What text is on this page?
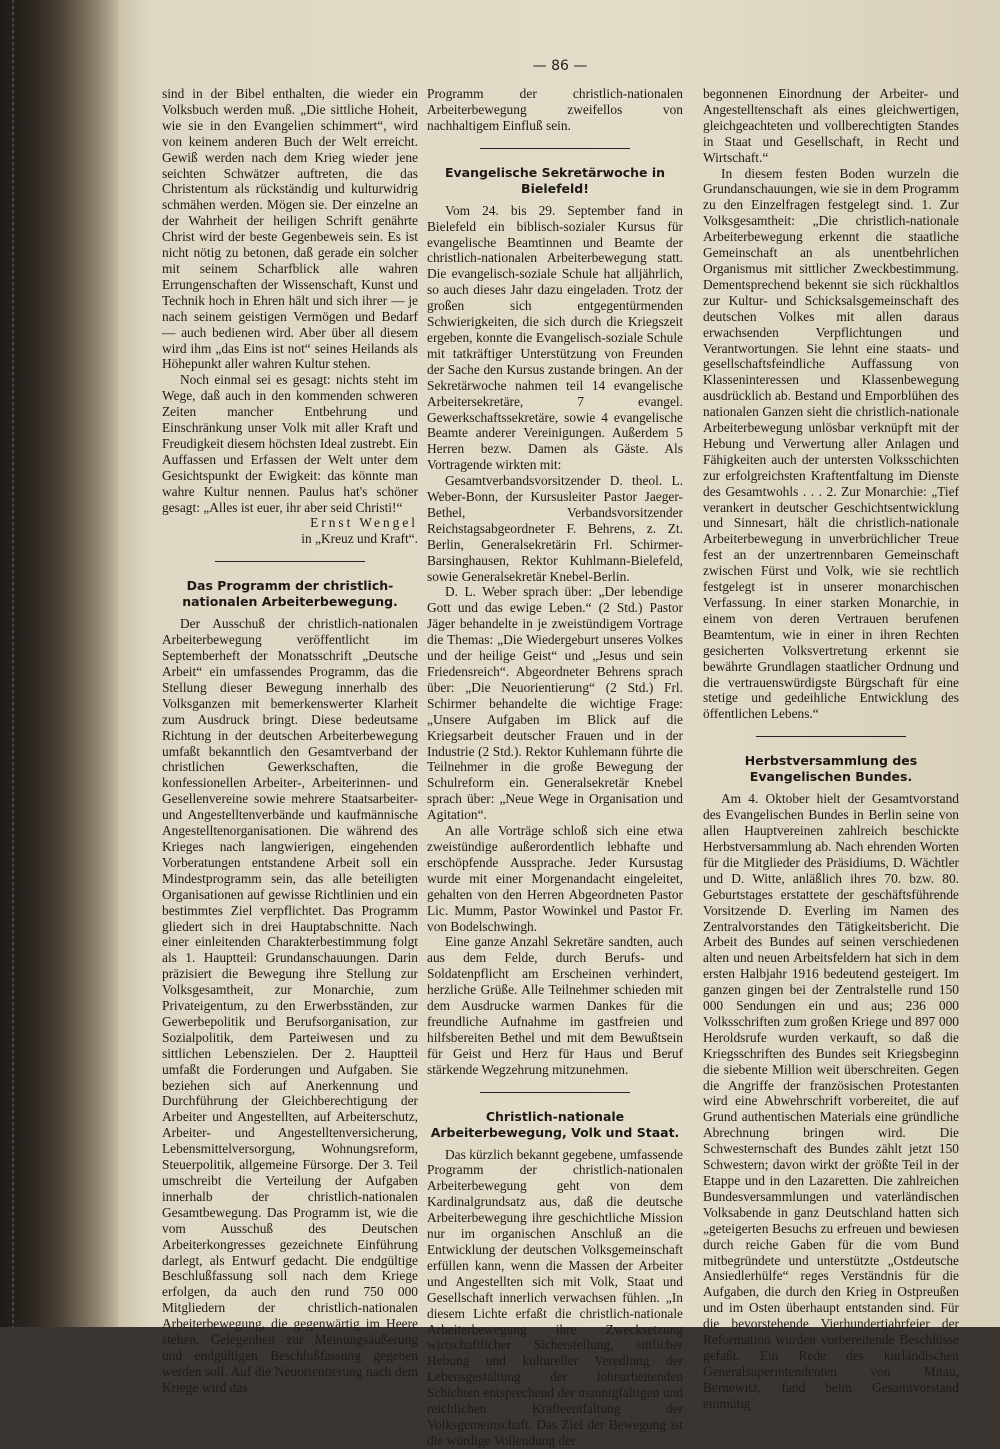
— 86 —

sind in der Bibel enthalten, die wieder ein Volksbuch werden muß. „Die sittliche Hoheit, wie sie in den Evangelien schimmert“, wird von keinem anderen Buch der Welt erreicht. Gewiß werden nach dem Krieg wieder jene seichten Schwätzer auftreten, die das Christentum als rückständig und kulturwidrig schmähen werden. Mögen sie. Der einzelne an der Wahrheit der heiligen Schrift genährte Christ wird der beste Gegenbeweis sein. Es ist nicht nötig zu betonen, daß gerade ein solcher mit seinem Scharfblick alle wahren Errungenschaften der Wissenschaft, Kunst und Technik hoch in Ehren hält und sich ihrer — je nach seinem geistigen Vermögen und Bedarf — auch bedienen wird. Aber über all diesem wird ihm „das Eins ist not“ seines Heilands als Höhepunkt aller wahren Kultur stehen.

Noch einmal sei es gesagt: nichts steht im Wege, daß auch in den kommenden schweren Zeiten mancher Entbehrung und Einschränkung unser Volk mit aller Kraft und Freudigkeit diesem höchsten Ideal zustrebt. Ein Auffassen und Erfassen der Welt unter dem Gesichtspunkt der Ewigkeit: das könnte man wahre Kultur nennen. Paulus hat's schöner gesagt: „Alles ist euer, ihr aber seid Christi!“

Ernst Wengel

in „Kreuz und Kraft“.

Das Programm der christlich-nationalen Arbeiterbewegung.

Der Ausschuß der christlich-nationalen Arbeiterbewegung veröffentlicht im Septemberheft der Monatsschrift „Deutsche Arbeit“ ein umfassendes Programm, das die Stellung dieser Bewegung innerhalb des Volksganzen mit bemerkenswerter Klarheit zum Ausdruck bringt. Diese bedeutsame Richtung in der deutschen Arbeiterbewegung umfaßt bekanntlich den Gesamtverband der christlichen Gewerkschaften, die konfessionellen Arbeiter-, Arbeiterinnen- und Gesellenvereine sowie mehrere Staatsarbeiter- und Angestelltenverbände und kaufmännische Angestelltenorganisationen. Die während des Krieges nach langwierigen, eingehenden Vorberatungen entstandene Arbeit soll ein Mindestprogramm sein, das alle beteiligten Organisationen auf gewisse Richtlinien und ein bestimmtes Ziel verpflichtet. Das Programm gliedert sich in drei Hauptabschnitte. Nach einer einleitenden Charakterbestimmung folgt als 1. Hauptteil: Grundanschauungen. Darin präzisiert die Bewegung ihre Stellung zur Volksgesamtheit, zur Monarchie, zum Privateigentum, zu den Erwerbsständen, zur Gewerbepolitik und Berufsorganisation, zur Sozialpolitik, dem Parteiwesen und zu sittlichen Lebenszielen. Der 2. Hauptteil umfaßt die Forderungen und Aufgaben. Sie beziehen sich auf Anerkennung und Durchführung der Gleichberechtigung der Arbeiter und Angestellten, auf Arbeiterschutz, Arbeiter- und Angestelltenversicherung, Lebensmittelversorgung, Wohnungsreform, Steuerpolitik, allgemeine Fürsorge. Der 3. Teil umschreibt die Verteilung der Aufgaben innerhalb der christlich-nationalen Gesamtbewegung. Das Programm ist, wie die vom Ausschuß des Deutschen Arbeiterkongresses gezeichnete Einführung darlegt, als Entwurf gedacht. Die endgültige Beschlußfassung soll nach dem Kriege erfolgen, da auch den rund 750 000 Mitgliedern der christlich-nationalen Arbeiterbewegung, die gegenwärtig im Heere stehen, Gelegenheit zur Meinungsäußerung und endgültigen Beschlußfassung gegeben werden soll. Auf die Neuorientierung nach dem Kriege wird das

Programm der christlich-nationalen Arbeiterbewegung zweifellos von nachhaltigem Einfluß sein.

Evangelische Sekretärwoche in Bielefeld!

Vom 24. bis 29. September fand in Bielefeld ein biblisch-sozialer Kursus für evangelische Beamtinnen und Beamte der christlich-nationalen Arbeiterbewegung statt. Die evangelisch-soziale Schule hat alljährlich, so auch dieses Jahr dazu eingeladen. Trotz der großen sich entgegentürmenden Schwierigkeiten, die sich durch die Kriegszeit ergeben, konnte die Evangelisch-soziale Schule mit tatkräftiger Unterstützung von Freunden der Sache den Kursus zustande bringen. An der Sekretärwoche nahmen teil 14 evangelische Arbeitersekretäre, 7 evangel. Gewerkschaftssekretäre, sowie 4 evangelische Beamte anderer Vereinigungen. Außerdem 5 Herren bezw. Damen als Gäste. Als Vortragende wirkten mit:

Gesamtverbandsvorsitzender D. theol. L. Weber-Bonn, der Kursusleiter Pastor Jaeger-Bethel, Verbandsvorsitzender Reichstagsabgeordneter F. Behrens, z. Zt. Berlin, Generalsekretärin Frl. Schirmer-Barsinghausen, Rektor Kuhlmann-Bielefeld, sowie Generalsekretär Knebel-Berlin.

D. L. Weber sprach über: „Der lebendige Gott und das ewige Leben.“ (2 Std.) Pastor Jäger behandelte in je zweistündigem Vortrage die Themas: „Die Wiedergeburt unseres Volkes und der heilige Geist“ und „Jesus und sein Friedensreich“. Abgeordneter Behrens sprach über: „Die Neuorientierung“ (2 Std.) Frl. Schirmer behandelte die wichtige Frage: „Unsere Aufgaben im Blick auf die Kriegsarbeit deutscher Frauen und in der Industrie (2 Std.). Rektor Kuhlemann führte die Teilnehmer in die große Bewegung der Schulreform ein. Generalsekretär Knebel sprach über: „Neue Wege in Organisation und Agitation“.

An alle Vorträge schloß sich eine etwa zweistündige außerordentlich lebhafte und erschöpfende Aussprache. Jeder Kursustag wurde mit einer Morgenandacht eingeleitet, gehalten von den Herren Abgeordneten Pastor Lic. Mumm, Pastor Wowinkel und Pastor Fr. von Bodelschwingh.

Eine ganze Anzahl Sekretäre sandten, auch aus dem Felde, durch Berufs- und Soldatenpflicht am Erscheinen verhindert, herzliche Grüße. Alle Teilnehmer schieden mit dem Ausdrucke warmen Dankes für die freundliche Aufnahme im gastfreien und hilfsbereiten Bethel und mit dem Bewußtsein für Geist und Herz für Haus und Beruf stärkende Wegzehrung mitzunehmen.

Christlich-nationale Arbeiterbewegung, Volk und Staat.

Das kürzlich bekannt gegebene, umfassende Programm der christlich-nationalen Arbeiterbewegung geht von dem Kardinalgrundsatz aus, daß die deutsche Arbeiterbewegung ihre geschichtliche Mission nur im organischen Anschluß an die Entwicklung der deutschen Volksgemeinschaft erfüllen kann, wenn die Massen der Arbeiter und Angestellten sich mit Volk, Staat und Gesellschaft innerlich verwachsen fühlen. „In diesem Lichte erfaßt die christlich-nationale Arbeiterbewegung ihre Zwecksetzung wirtschaftlicher Sicherstellung, sittlicher Hebung und kultureller Veredlung der Lebensgestaltung der lohnarbeitenden Schichten entsprechend der mannigfaltigen und reichlichen Kräfteentfaltung der Volksgemeinschaft. Das Ziel der Bewegung ist die würdige Vollendung der

begonnenen Einordnung der Arbeiter- und Angestelltenschaft als eines gleichwertigen, gleichgeachteten und vollberechtigten Standes in Staat und Gesellschaft, in Recht und Wirtschaft.“

In diesem festen Boden wurzeln die Grundanschauungen, wie sie in dem Programm zu den Einzelfragen festgelegt sind. 1. Zur Volksgesamtheit: „Die christlich-nationale Arbeiterbewegung erkennt die staatliche Gemeinschaft an als unentbehrlichen Organismus mit sittlicher Zweckbestimmung. Dementsprechend bekennt sie sich rückhaltlos zur Kultur- und Schicksalsgemeinschaft des deutschen Volkes mit allen daraus erwachsenden Verpflichtungen und Verantwortungen. Sie lehnt eine staats- und gesellschaftsfeindliche Auffassung von Klasseninteressen und Klassenbewegung ausdrücklich ab. Bestand und Emporblühen des nationalen Ganzen sieht die christlich-nationale Arbeiterbewegung unlösbar verknüpft mit der Hebung und Verwertung aller Anlagen und Fähigkeiten auch der untersten Volksschichten zur erfolgreichsten Kraftentfaltung im Dienste des Gesamtwohls . . . 2. Zur Monarchie: „Tief verankert in deutscher Geschichtsentwicklung und Sinnesart, hält die christlich-nationale Arbeiterbewegung in unverbrüchlicher Treue fest an der unzertrennbaren Gemeinschaft zwischen Fürst und Volk, wie sie rechtlich festgelegt ist in unserer monarchischen Verfassung. In einer starken Monarchie, in einem von deren Vertrauen berufenen Beamtentum, wie in einer in ihren Rechten gesicherten Volksvertretung erkennt sie bewährte Grundlagen staatlicher Ordnung und die vertrauenswürdigste Bürgschaft für eine stetige und gedeihliche Entwicklung des öffentlichen Lebens.“

Herbstversammlung des Evangelischen Bundes.

Am 4. Oktober hielt der Gesamtvorstand des Evangelischen Bundes in Berlin seine von allen Hauptvereinen zahlreich beschickte Herbstversammlung ab. Nach ehrenden Worten für die Mitglieder des Präsidiums, D. Wächtler und D. Witte, anläßlich ihres 70. bzw. 80. Geburtstages erstattete der geschäftsführende Vorsitzende D. Everling im Namen des Zentralvorstandes den Tätigkeitsbericht. Die Arbeit des Bundes auf seinen verschiedenen alten und neuen Arbeitsfeldern hat sich in dem ersten Halbjahr 1916 bedeutend gesteigert. Im ganzen gingen bei der Zentralstelle rund 150 000 Sendungen ein und aus; 236 000 Volksschriften zum großen Kriege und 897 000 Heroldsrufe wurden verkauft, so daß die Kriegsschriften des Bundes seit Kriegsbeginn die siebente Million weit überschreiten. Gegen die Angriffe der französischen Protestanten wird eine Abwehrschrift vorbereitet, die auf Grund authentischen Materials eine gründliche Abrechnung bringen wird. Die Schwesternschaft des Bundes zählt jetzt 150 Schwestern; davon wirkt der größte Teil in der Etappe und in den Lazaretten. Die zahlreichen Bundesversammlungen und vaterländischen Volksabende in ganz Deutschland hatten sich „geteigerten Besuchs zu erfreuen und bewiesen durch reiche Gaben für die vom Bund mitbegründete und unterstützte „Ostdeutsche Ansiedlerhülfe“ reges Verständnis für die Aufgaben, die durch den Krieg in Ostpreußen und im Osten überhaupt entstanden sind. Für die bevorstehende Vierhundertjahrfeier der Reformation wurden vorbereitende Beschlüsse gefaßt. Ein Rede des kurländischen Generalsuperintendenten von Mitau, Bernewitz, fand beim Gesamtvorstand einmütig
